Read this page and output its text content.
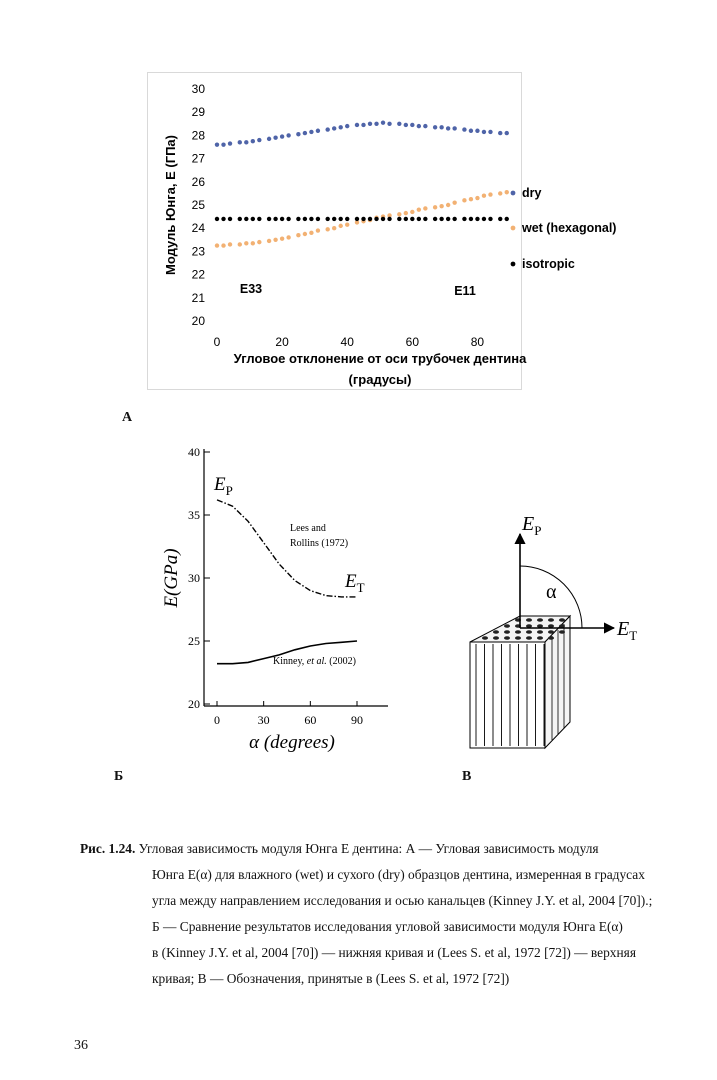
20
21
22
23
24
25
26
27
28
29
30
0	20	40	60	80
Модуль Юнга, Е (ГПа)
Угловое отклонение от оси трубочек дентина
(градусы)
E33	E11
dry
wet (hexagonal)
isotropic
А
20
25
30
35
40
0	30	60	90
E(GPa)
α (degrees)
$E_P$
$E_T$
Lees and
Rollins (1972)
Kinney, et al. (2002)
Б
$E_P$
$E_T$
α
В
Рис. 1.24. Угловая зависимость модуля Юнга E дентина: А — Угловая зависимость модуля
Юнга E(α) для влажного (wet) и сухого (dry) образцов дентина, измеренная в градусах
угла между направлением исследования и осью канальцев (Kinney J.Y. et al, 2004 [70]).;
Б — Сравнение результатов исследования угловой зависимости модуля Юнга E(α)
в (Kinney J.Y. et al, 2004 [70]) — нижняя кривая и (Lees S. et al, 1972 [72]) — верхняя
кривая; В — Обозначения, принятые в (Lees S. et al, 1972 [72])
36
